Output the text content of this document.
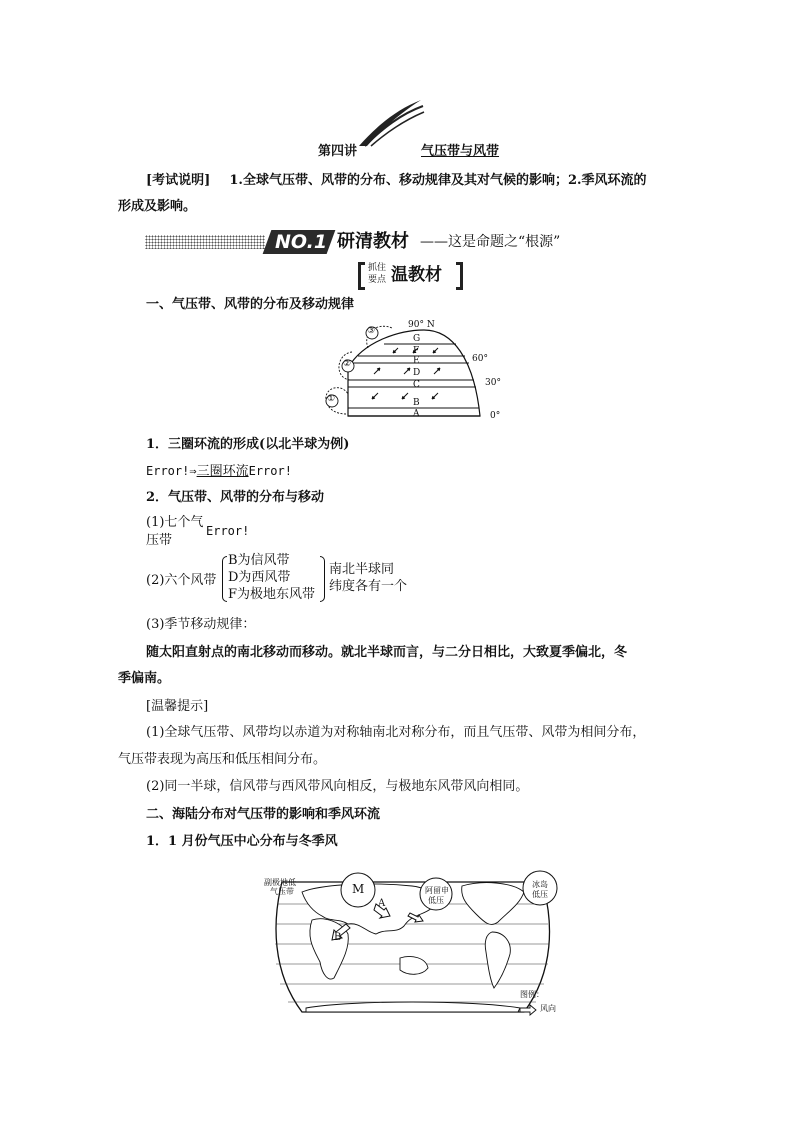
第四讲	气压带与风带
[考试说明] 1.全球气压带、风带的分布、移动规律及其对气候的影响；2.季风环流的
形成及影响。
NO.1 研清教材 ——这是命题之“根源”
抓住
要点 温教材
一、气压带、风带的分布及移动规律
③
②
①
G
F
E
D
C
B
A
90° N
60°
30°
0°
1．三圈环流的形成(以北半球为例)
Error!⇒三圈环流Error!
2．气压带、风带的分布与移动
(1)七个气
Error!
压带
(2)六个风带
B为信风带
D为西风带
F为极地东风带
南北半球同
纬度各有一个
(3)季节移动规律：
随太阳直射点的南北移动而移动。就北半球而言，与二分日相比，大致夏季偏北，冬
季偏南。
[温馨提示]
(1)全球气压带、风带均以赤道为对称轴南北对称分布，而且气压带、风带为相间分布，
气压带表现为高压和低压相间分布。
(2)同一半球，信风带与西风带风向相反，与极地东风带风向相同。
二、海陆分布对气压带的影响和季风环流
1．1 月份气压中心分布与冬季风
副极地低
气压带	M	阿留申
低压
冰岛
低压
A
B
图例：
风向
